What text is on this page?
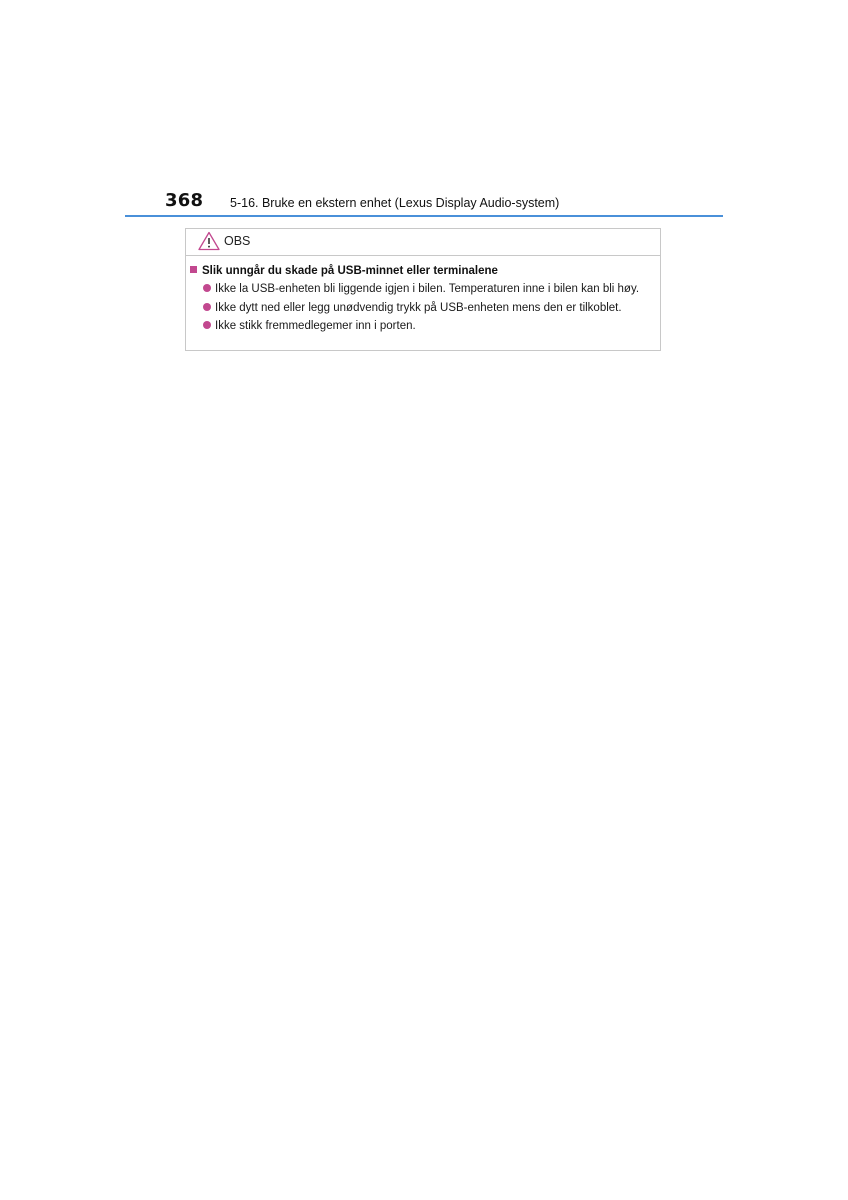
368 5-16. Bruke en ekstern enhet (Lexus Display Audio-system)
OBS
Slik unngår du skade på USB-minnet eller terminalene
Ikke la USB-enheten bli liggende igjen i bilen. Temperaturen inne i bilen kan bli høy.
Ikke dytt ned eller legg unødvendig trykk på USB-enheten mens den er tilkoblet.
Ikke stikk fremmedlegemer inn i porten.
